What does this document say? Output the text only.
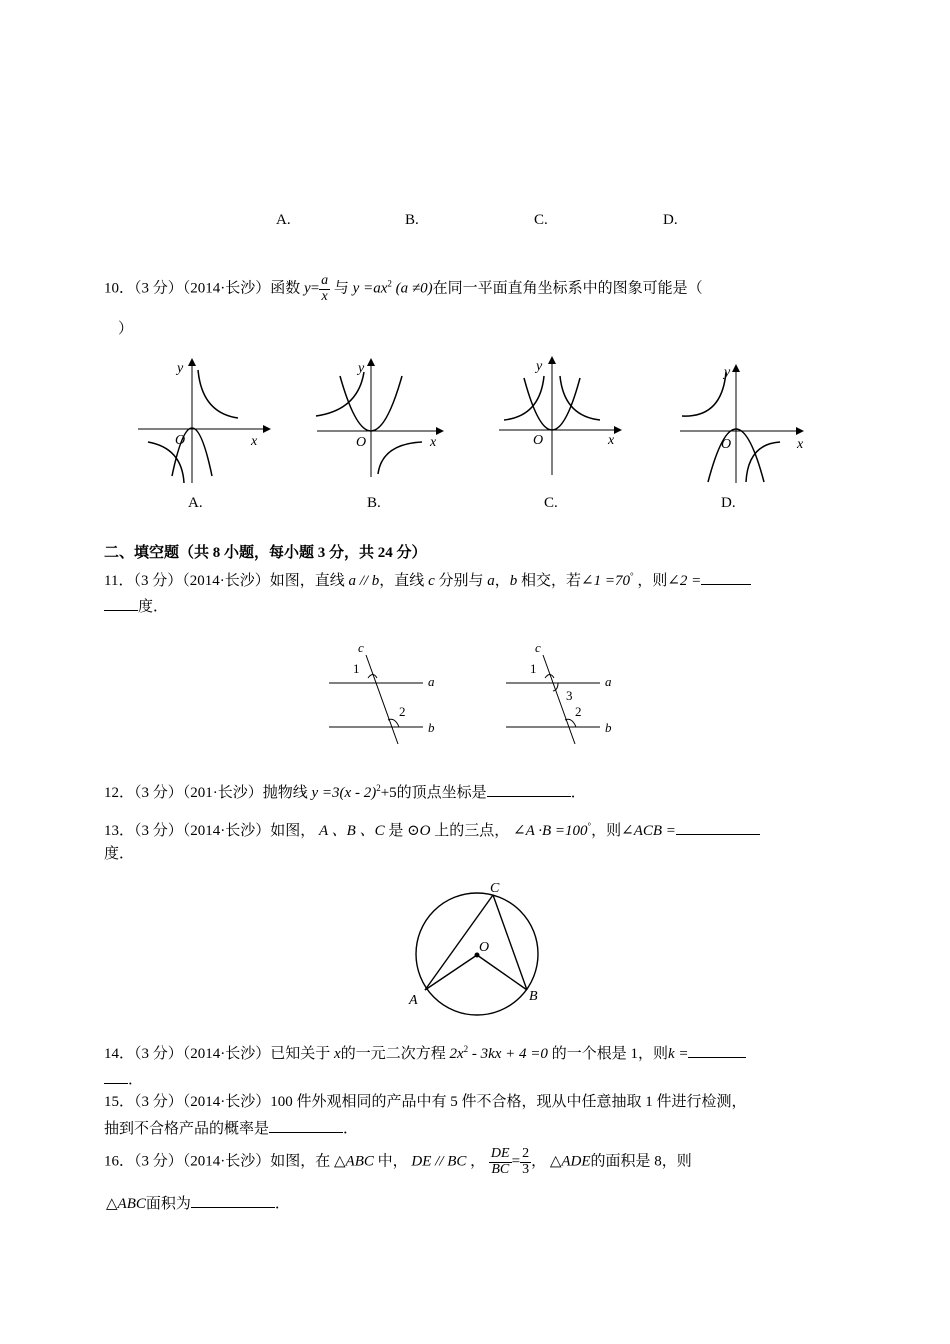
A.	B.	C.	D.
10．（3 分）（2014·长沙）函数 $y= \frac{a}{x}$ 与 $y =ax^2$ (a ≠0)在同一平面直角坐标系中的图象可能是（
）
y
x
O
A.
y
x
O
B.
y
x
O
C.
y
x
O
D.
二、填空题（共 8 小题，每小题 3 分，共 24 分）
11．（3 分）（2014·长沙）如图，直线 a // b，直线 c 分别与 a，b 相交，若∠1 =70° ，则∠2 =
度．
c
1
a
2
b
c
1
a
3
2
b
12．（3 分）（201·长沙）抛物线 y =3(x - 2)$^2$+5的顶点坐标是	．
13．（3 分）（2014·长沙）如图， A 、B 、C 是 ⊙O 上的三点， ∠A ·B =100°，则∠ACB =
度．
C
O
A	B
14．（3 分）（2014·长沙）已知关于 x的一元二次方程 $2x^2 - 3kx + 4 =0$ 的一个根是 1，则k =
．
15．（3 分）（2014·长沙）100 件外观相同的产品中有 5 件不合格，现从中任意抽取 1 件进行检测，
抽到不合格产品的概率是	．
16．（3 分）（2014·长沙）如图，在 △ABC 中， DE // BC ， $\frac{DE}{BC} = \frac{2}{3}$ ， △ADE的面积是 8，则
△ABC面积为	．
